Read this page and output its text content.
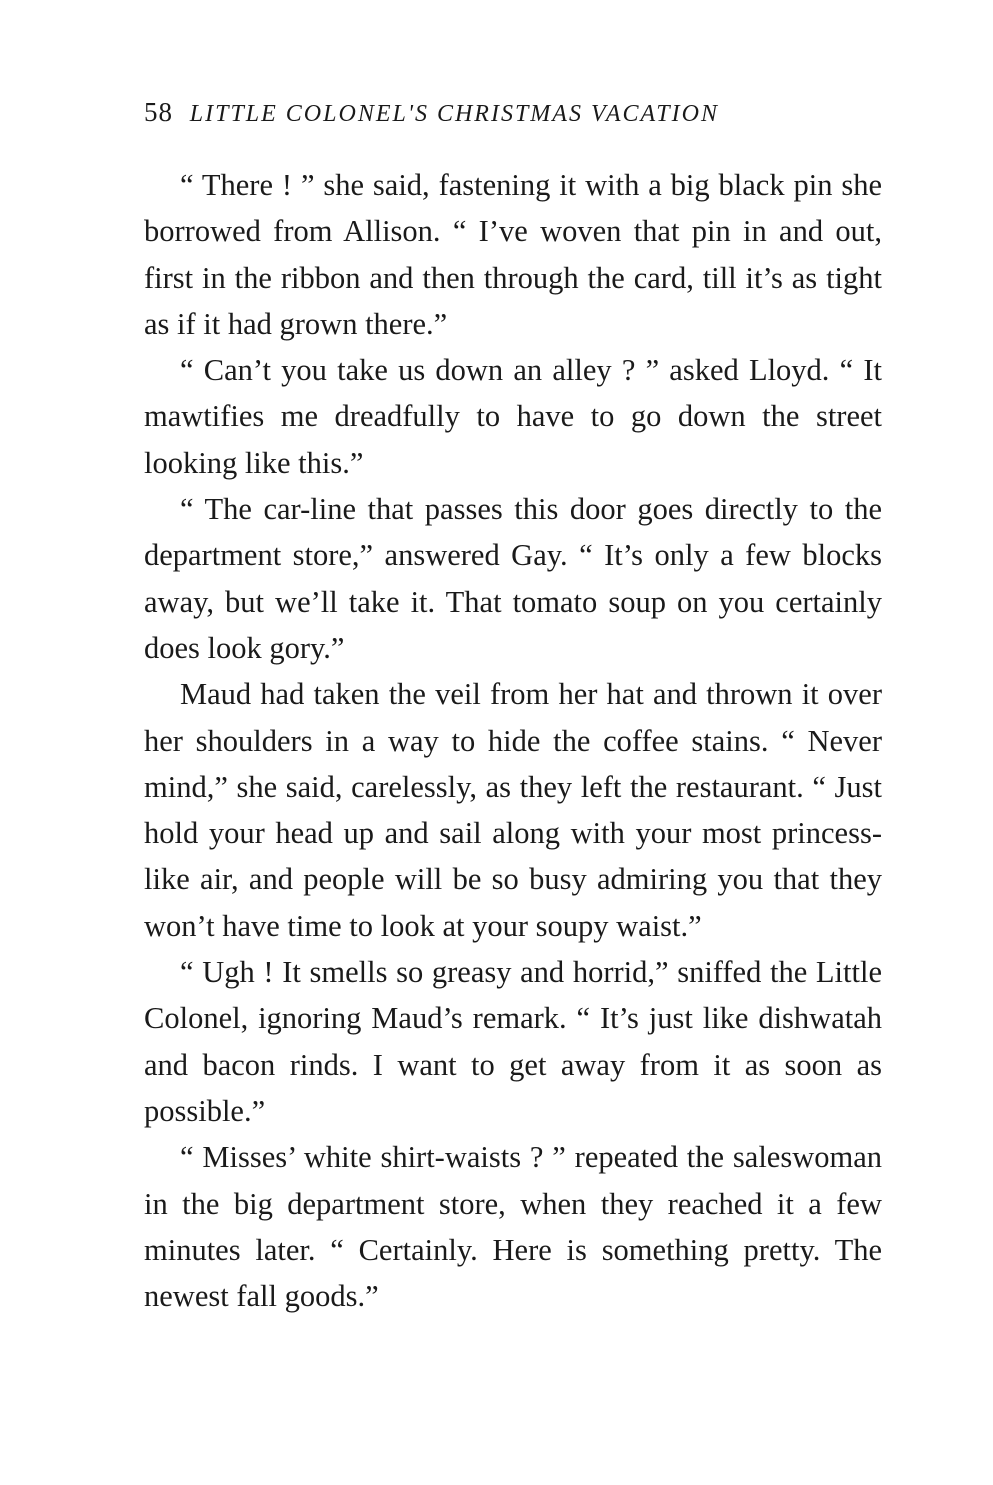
58 LITTLE COLONEL'S CHRISTMAS VACATION

“ There ! ” she said, fastening it with a big black pin she borrowed from Allison. “ I’ve woven that pin in and out, first in the ribbon and then through the card, till it’s as tight as if it had grown there.”

“ Can’t you take us down an alley ? ” asked Lloyd. “ It mawtifies me dreadfully to have to go down the street looking like this.”

“ The car-line that passes this door goes directly to the department store,” answered Gay. “ It’s only a few blocks away, but we’ll take it. That tomato soup on you certainly does look gory.”

Maud had taken the veil from her hat and thrown it over her shoulders in a way to hide the coffee stains. “ Never mind,” she said, carelessly, as they left the restaurant. “ Just hold your head up and sail along with your most princess-like air, and people will be so busy admiring you that they won’t have time to look at your soupy waist.”

“ Ugh ! It smells so greasy and horrid,” sniffed the Little Colonel, ignoring Maud’s remark. “ It’s just like dishwatah and bacon rinds. I want to get away from it as soon as possible.”

“ Misses’ white shirt-waists ? ” repeated the saleswoman in the big department store, when they reached it a few minutes later. “ Certainly. Here is something pretty. The newest fall goods.”
